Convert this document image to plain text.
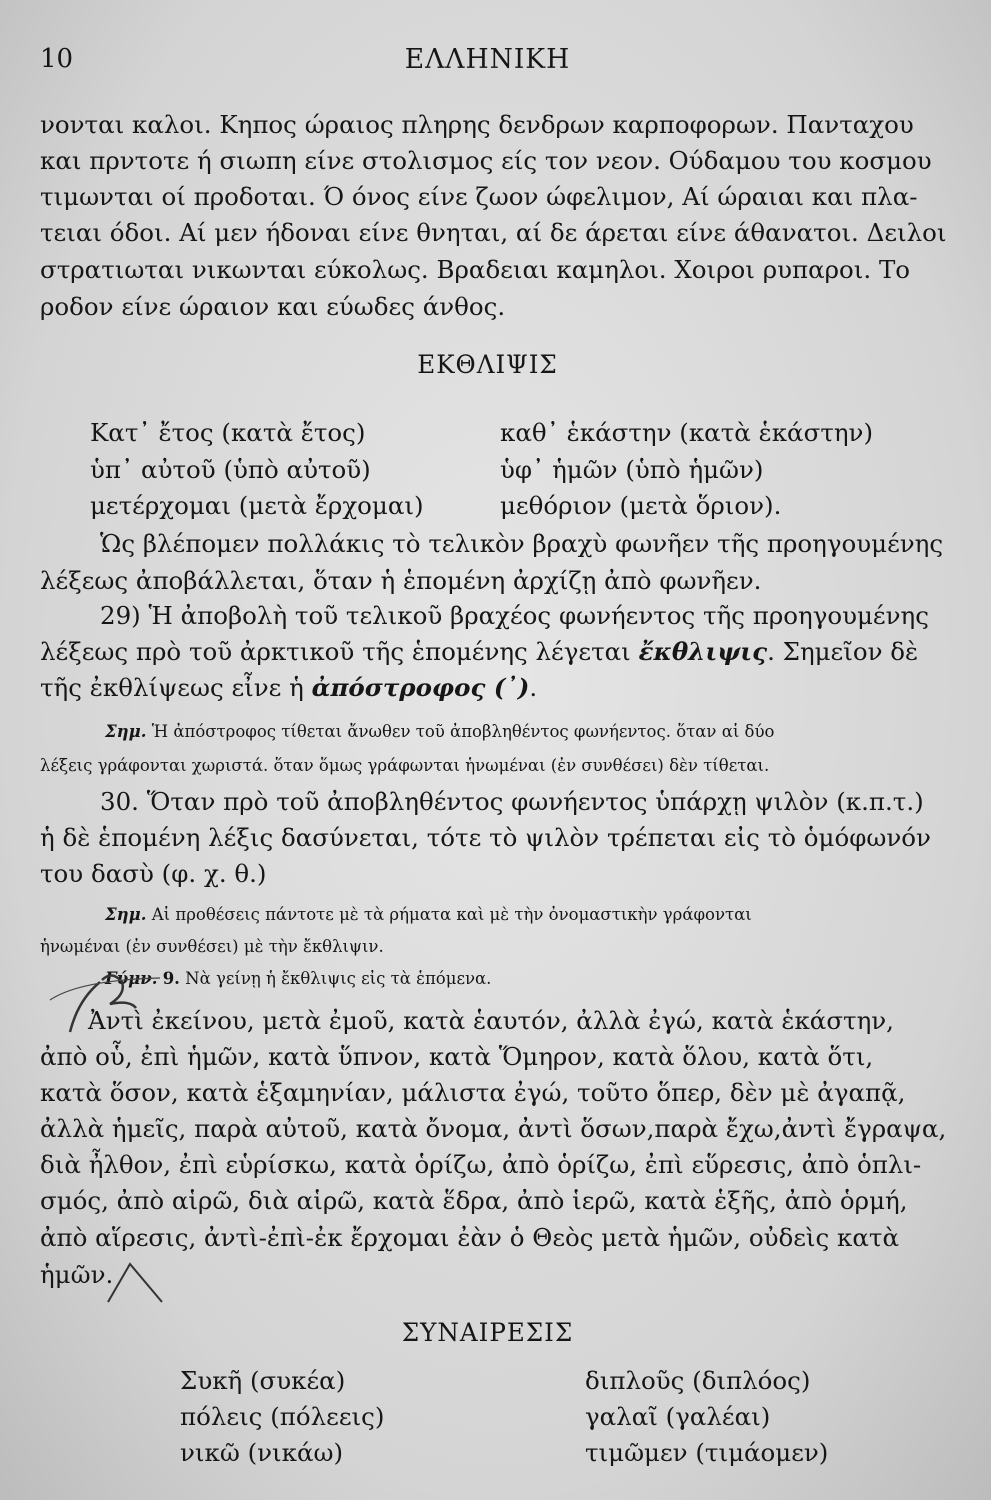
10	ΕΛΛΗΝΙΚΗ
νονται καλοι. Κηπος ώραιος πληρης δενδρων καρποφορων. Πανταχου
και πρντοτε ή σιωπη είνε στολισμος είς τον νεον. Ούδαμου του κοσμου
τιμωνται οί προδοται. Ό όνος είνε ζωον ώφελιμον, Αί ώραιαι και πλα-
τειαι όδοι. Αί μεν ήδοναι είνε θνηται, αί δε άρεται είνε άθανατοι. Δειλοι
στρατιωται νικωνται εύκολως. Βραδειαι καμηλοι. Χοιροι ρυπαροι. Το
ροδον είνε ώραιον και εύωδες άνθος.
ΕΚΘΛΙΨΙΣ
Κατ᾿ ἔτος (κατὰ ἔτος)
ὑπ᾿ αὐτοῦ (ὑπὸ αὐτοῦ)
μετέρχομαι (μετὰ ἔρχομαι)
καθ᾿ ἑκάστην (κατὰ ἑκάστην)
ὑφ᾿ ἡμῶν (ὑπὸ ἡμῶν)
μεθόριον (μετὰ ὅριον).
Ὡς βλέπομεν πολλάκις τὸ τελικὸν βραχὺ φωνῆεν τῆς προηγουμένης
λέξεως ἀποβάλλεται, ὅταν ἡ ἑπομένη ἀρχίζῃ ἀπὸ φωνῆεν.
29) Ἡ ἀποβολὴ τοῦ τελικοῦ βραχέος φωνήεντος τῆς προηγουμένης
λέξεως πρὸ τοῦ ἀρκτικοῦ τῆς ἑπομένης λέγεται ἔκθλιψις. Σημεῖον δὲ
τῆς ἐκθλίψεως εἶνε ἡ ἀπόστροφος (᾿).
Σημ. Ἡ ἀπόστροφος τίθεται ἄνωθεν τοῦ ἀποβληθέντος φωνήεντος. ὅταν αἱ δύο
λέξεις γράφονται χωριστά. ὅταν ὅμως γράφωνται ἡνωμέναι (ἐν συνθέσει) δὲν τίθεται.
30. Ὅταν πρὸ τοῦ ἀποβληθέντος φωνήεντος ὑπάρχῃ ψιλὸν (κ.π.τ.)
ἡ δὲ ἑπομένη λέξις δασύνεται, τότε τὸ ψιλὸν τρέπεται εἰς τὸ ὁμόφωνόν
του δασὺ (φ. χ. θ.)
Σημ. Αἱ προθέσεις πάντοτε μὲ τὰ ρήματα καὶ μὲ τὴν ὀνομαστικὴν γράφονται
ἡνωμέναι (ἐν συνθέσει) μὲ τὴν ἔκθλιψιν.
Γύμν. 9. Νὰ γείνῃ ἡ ἔκθλιψις εἰς τὰ ἑπόμενα.
Ἀντὶ ἐκείνου, μετὰ ἐμοῦ, κατὰ ἑαυτόν, ἀλλὰ ἐγώ, κατὰ ἑκάστην,
ἀπὸ οὗ, ἐπὶ ἡμῶν, κατὰ ὕπνον, κατὰ Ὅμηρον, κατὰ ὅλου, κατὰ ὅτι,
κατὰ ὅσον, κατὰ ἑξαμηνίαν, μάλιστα ἐγώ, τοῦτο ὅπερ, δὲν μὲ ἀγαπᾷ,
ἀλλὰ ἡμεῖς, παρὰ αὐτοῦ, κατὰ ὄνομα, ἀντὶ ὅσων,παρὰ ἔχω,ἀντὶ ἔγραψα,
διὰ ἦλθον, ἐπὶ εὑρίσκω, κατὰ ὁρίζω, ἀπὸ ὁρίζω, ἐπὶ εὕρεσις, ἀπὸ ὁπλι-
σμός, ἀπὸ αἱρῶ, διὰ αἱρῶ, κατὰ ἕδρα, ἀπὸ ἱερῶ, κατὰ ἑξῆς, ἀπὸ ὁρμή,
ἀπὸ αἵρεσις, ἀντὶ-ἐπὶ-ἐκ ἔρχομαι ἐὰν ὁ Θεὸς μετὰ ἡμῶν, οὐδεὶς κατὰ
ἡμῶν.
ΣΥΝΑΙΡΕΣΙΣ
Συκῆ (συκέα)
πόλεις (πόλεεις)
νικῶ (νικάω)
διπλοῦς (διπλόος)
γαλαῖ (γαλέαι)
τιμῶμεν (τιμάομεν)
